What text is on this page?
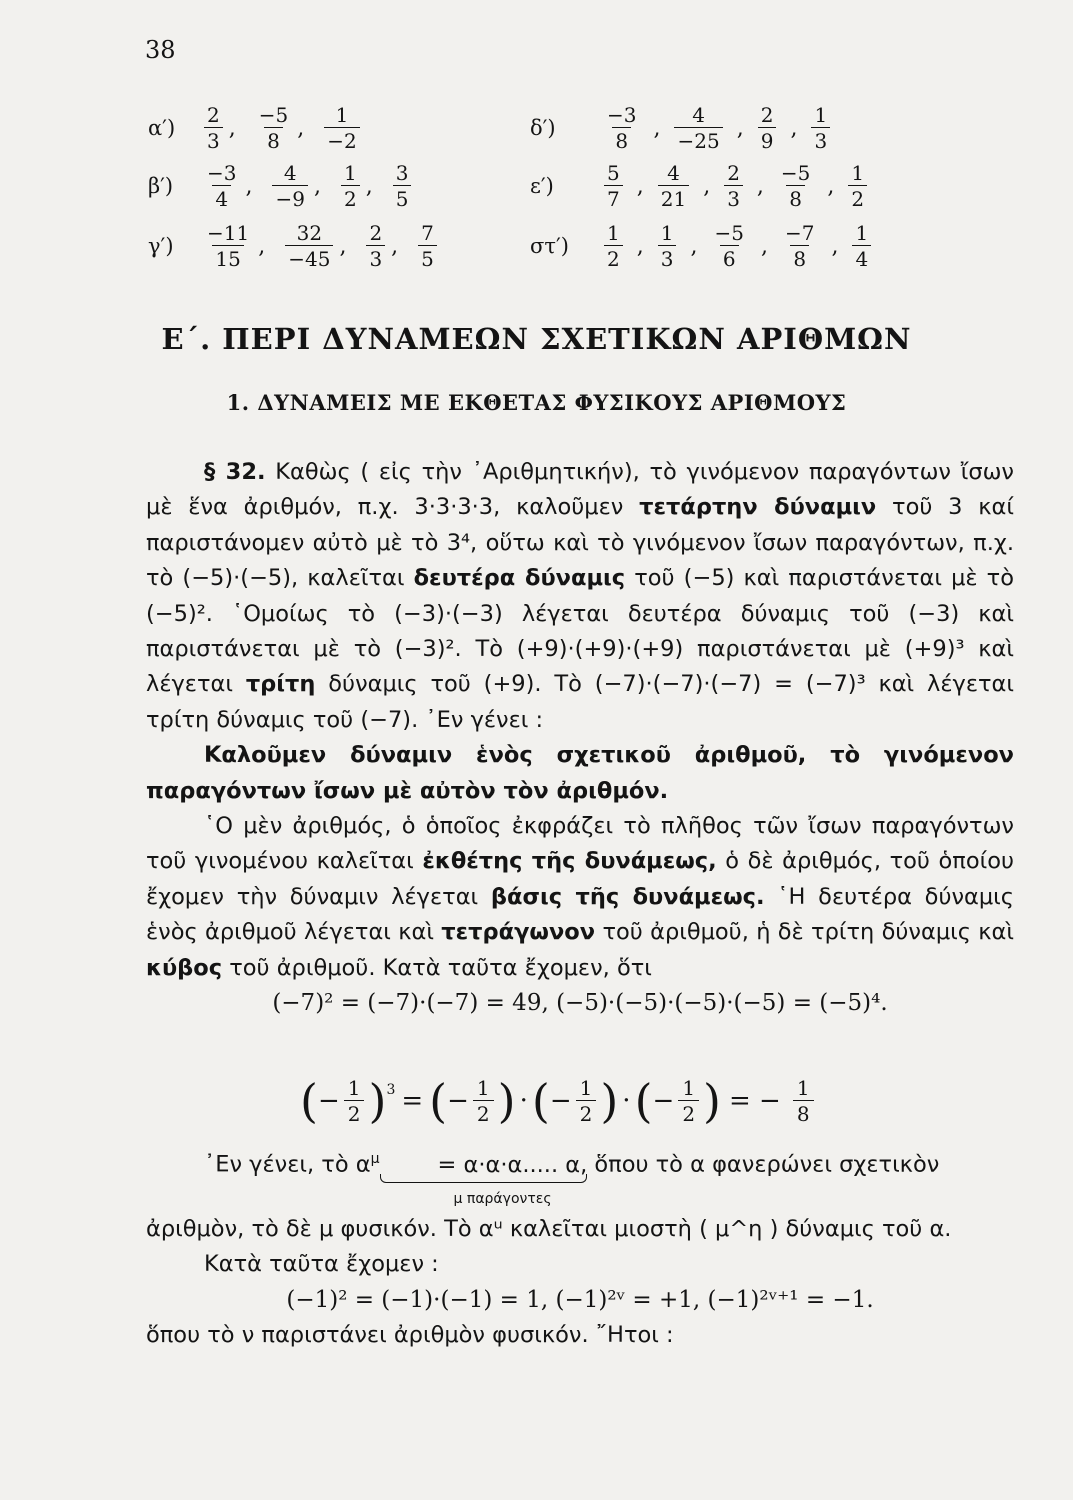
38
α′)	$\frac{2}{3}$ , $\frac{-5}{8}$ , $\frac{1}{-2}$	δ′)	$\frac{-3}{8}$ , $\frac{4}{-25}$ , $\frac{2}{9}$ , $\frac{1}{3}$
β′)	$\frac{-3}{4}$ , $\frac{4}{-9}$ , $\frac{1}{2}$ , $\frac{3}{5}$	ε′)	$\frac{5}{7}$ , $\frac{4}{21}$ , $\frac{2}{3}$ , $\frac{-5}{8}$ , $\frac{1}{2}$
γ′)	$\frac{-11}{15}$ , $\frac{32}{-45}$ , $\frac{2}{3}$ , $\frac{7}{5}$	στ′)	$\frac{1}{2}$ , $\frac{1}{3}$ , $\frac{-5}{6}$ , $\frac{-7}{8}$ , $\frac{1}{4}$
Ε΄. ΠΕΡΙ ΔΥΝΑΜΕΩΝ ΣΧΕΤΙΚΩΝ ΑΡΙΘΜΩΝ
1. ΔΥΝΑΜΕΙΣ ΜΕ ΕΚΘΕΤΑΣ ΦΥΣΙΚΟΥΣ ΑΡΙΘΜΟΥΣ

§ 32. Καθὼς ( εἰς τὴν ᾿Αριθμητικήν), τὸ γινόμενον παραγόντων ἴσων μὲ ἕνα ἀριθμόν, π.χ. 3·3·3·3, καλοῦμεν τετάρτην δύναμιν τοῦ 3 καί παριστάνομεν αὐτὸ μὲ τὸ 3⁴, οὕτω καὶ τὸ γινόμενον ἴσων παραγόντων, π.χ. τὸ (−5)·(−5), καλεῖται δευτέρα δύναμις τοῦ (−5) καὶ παριστάνεται μὲ τὸ (−5)². ῾Ομοίως τὸ (−3)·(−3) λέγεται δευτέρα δύναμις τοῦ (−3) καὶ παριστάνεται μὲ τὸ (−3)². Τὸ (+9)·(+9)·(+9) παριστάνεται μὲ (+9)³ καὶ λέγεται τρίτη δύναμις τοῦ (+9). Τὸ (−7)·(−7)·(−7) = (−7)³ καὶ λέγεται τρίτη δύναμις τοῦ (−7). ᾿Εν γένει :

Καλοῦμεν δύναμιν ἑνὸς σχετικοῦ ἀριθμοῦ, τὸ γινόμενον παραγόντων ἴσων μὲ αὐτὸν τὸν ἀριθμόν.

῾Ο μὲν ἀριθμός, ὁ ὁποῖος ἐκφράζει τὸ πλῆθος τῶν ἴσων παραγόντων τοῦ γινομένου καλεῖται ἐκθέτης τῆς δυνάμεως, ὁ δὲ ἀριθμός, τοῦ ὁποίου ἔχομεν τὴν δύναμιν λέγεται βάσις τῆς δυνάμεως. ῾Η δευτέρα δύναμις ἑνὸς ἀριθμοῦ λέγεται καὶ τετράγωνον τοῦ ἀριθμοῦ, ἡ δὲ τρίτη δύναμις καὶ κύβος τοῦ ἀριθμοῦ. Κατὰ ταῦτα ἔχομεν, ὅτι

(−7)² = (−7)·(−7) = 49, (−5)·(−5)·(−5)·(−5) = (−5)⁴.

( − $\frac{1}{2} )^3$ = ( − $\frac{1}{2}$ ) · ( − $\frac{1}{2}$ ) · ( − $\frac{1}{2}$ ) = − $\frac{1}{8}$

᾿Εν γένει, τὸ $\alpha^\mu$	= α·α·α..... α,
μ παράγοντες
ὅπου τὸ α φανερώνει σχετικὸν

ἀριθμὸν, τὸ δὲ μ φυσικόν. Τὸ αᵘ καλεῖται μιοστὴ ( μ^η ) δύναμις τοῦ α.

Κατὰ ταῦτα ἔχομεν :

(−1)² = (−1)·(−1) = 1, (−1)²ᵛ = +1, (−1)²ᵛ⁺¹ = −1.

ὅπου τὸ ν παριστάνει ἀριθμὸν φυσικόν. ῎Ητοι :
